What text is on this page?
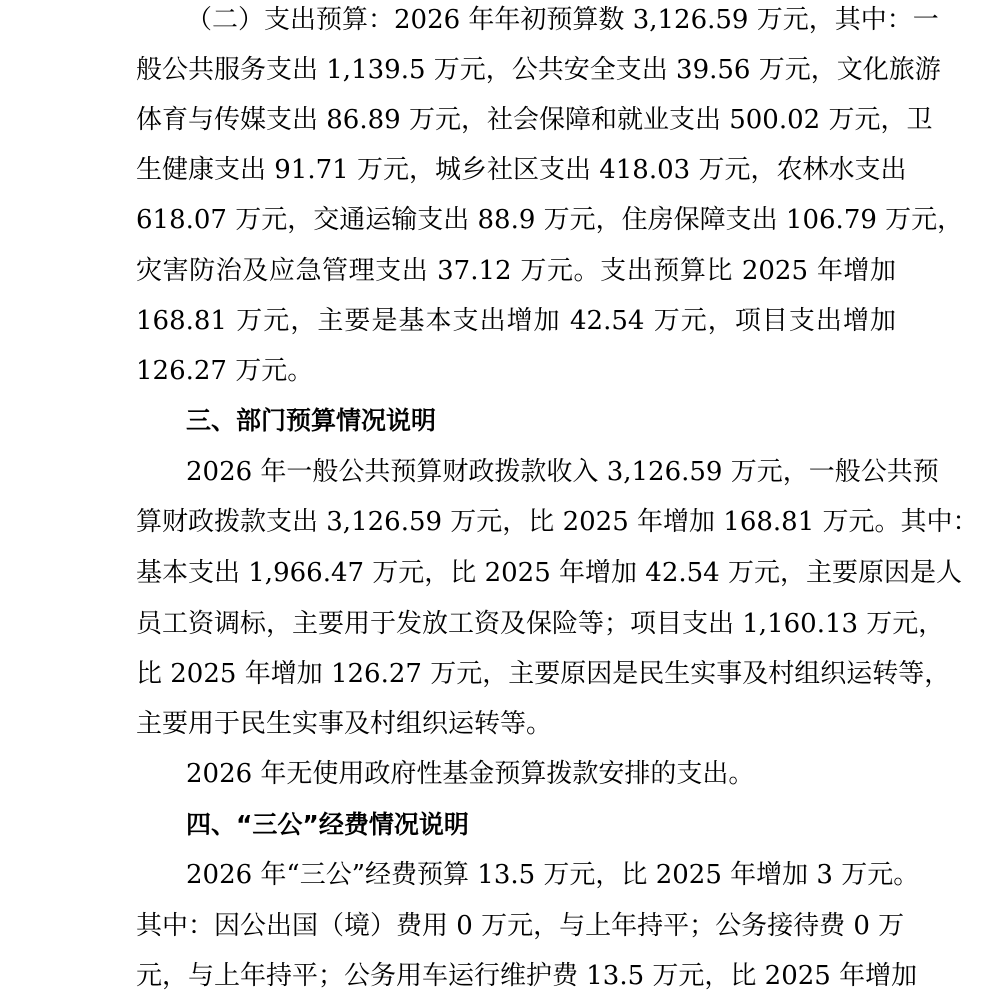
（二）支出预算：2026 年年初预算数 3,126.59 万元，其中：一

般公共服务支出 1,139.5 万元，公共安全支出 39.56 万元，文化旅游

体育与传媒支出 86.89 万元，社会保障和就业支出 500.02 万元，卫

生健康支出 91.71 万元，城乡社区支出 418.03 万元，农林水支出

618.07 万元，交通运输支出 88.9 万元，住房保障支出 106.79 万元，

灾害防治及应急管理支出 37.12 万元。支出预算比 2025 年增加

168.81 万元，主要是基本支出增加 42.54 万元，项目支出增加

126.27 万元。

三、部门预算情况说明

2026 年一般公共预算财政拨款收入 3,126.59 万元，一般公共预

算财政拨款支出 3,126.59 万元，比 2025 年增加 168.81 万元。其中：

基本支出 1,966.47 万元，比 2025 年增加 42.54 万元，主要原因是人

员工资调标，主要用于发放工资及保险等；项目支出 1,160.13 万元，

比 2025 年增加 126.27 万元，主要原因是民生实事及村组织运转等，

主要用于民生实事及村组织运转等。

2026 年无使用政府性基金预算拨款安排的支出。

四、“三公”经费情况说明

2026 年“三公”经费预算 13.5 万元，比 2025 年增加 3 万元。

其中：因公出国（境）费用 0 万元，与上年持平；公务接待费 0 万

元，与上年持平；公务用车运行维护费 13.5 万元，比 2025 年增加
